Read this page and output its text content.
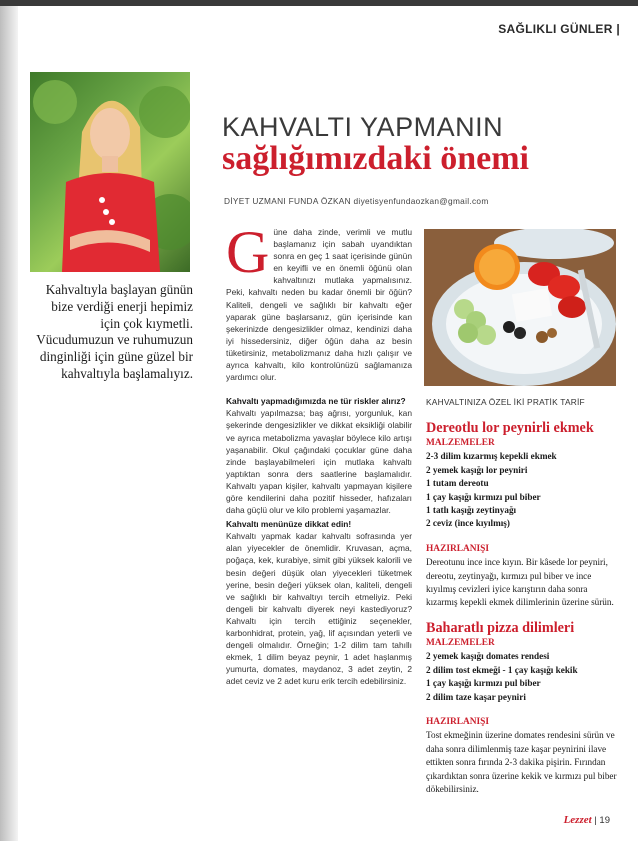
SAĞLIKLI GÜNLER |
Kahvaltıyla başlayan günün bize verdiği enerji hepimiz için çok kıymetli. Vücudumuzun ve ruhumuzun dinginliği için güne güzel bir kahvaltıyla başlamalıyız.
KAHVALTI YAPMANIN
sağlığımızdaki önemi
DİYET UZMANI FUNDA ÖZKAN diyetisyenfundaozkan@gmail.com

Güne daha zinde, verimli ve mutlu başlamanız için sabah uyandıktan sonra en geç 1 saat içerisinde günün en keyifli ve en önemli öğünü olan kahvaltınızı mutlaka yapmalısınız. Peki, kahvaltı neden bu kadar önemli bir öğün? Kaliteli, dengeli ve sağlıklı bir kahvaltı eğer yaparak güne başlarsanız, gün içerisinde kan şekerinizde dengesizlikler olmaz, kendinizi daha iyi hissedersiniz, diğer öğün daha az besin tüketirsiniz, metabolizmanız daha hızlı çalışır ve ayrıca kahvaltı, kilo kontrolünüzü sağlamanıza yardımcı olur.

Kahvaltı yapmadığımızda ne tür riskler alırız?

Kahvaltı yapılmazsa; baş ağrısı, yorgunluk, kan şekerinde dengesizlikler ve dikkat eksikliği olabilir ve ayrıca metabolizma yavaşlar böylece kilo artışı yaşanabilir. Okul çağındaki çocuklar güne daha zinde başlayabilmeleri için mutlaka kahvaltı yaptıktan sonra ders saatlerine başlamalıdır. Kahvaltı yapan kişiler, kahvaltı yapmayan kişilere göre kendilerini daha pozitif hisseder, hafızaları daha güçlü olur ve kilo problemi yaşamazlar.

Kahvaltı menünüze dikkat edin!

Kahvaltı yapmak kadar kahvaltı sofrasında yer alan yiyecekler de önemlidir. Kruvasan, açma, poğaça, kek, kurabiye, simit gibi yüksek kalorili ve besin değeri düşük olan yiyecekleri tüketmek yerine, besin değeri yüksek olan, kaliteli, dengeli ve sağlıklı bir kahvaltıyı tercih etmeliyiz. Peki dengeli bir kahvaltı diyerek neyi kastediyoruz? Kahvaltı için tercih ettiğiniz seçenekler, karbonhidrat, protein, yağ, lif açısından yeterli ve dengeli olmalıdır. Örneğin; 1-2 dilim tam tahıllı ekmek, 1 dilim beyaz peynir, 1 adet haşlanmış yumurta, domates, maydanoz, 3 adet zeytin, 2 adet ceviz ve 2 adet kuru erik tercih edebilirsiniz.

KAHVALTINIZA ÖZEL İKİ PRATİK TARİF

Dereotlu lor peynirli ekmek

MALZEMELER

2-3 dilim kızarmış kepekli ekmek

2 yemek kaşığı lor peyniri

1 tutam dereotu

1 çay kaşığı kırmızı pul biber

1 tatlı kaşığı zeytinyağı

2 ceviz (ince kıyılmış)

HAZIRLANIŞI

Dereotunu ince ince kıyın. Bir kâsede lor peyniri, dereotu, zeytinyağı, kırmızı pul biber ve ince kıyılmış cevizleri iyice karıştırın daha sonra kızarmış kepekli ekmek dilimlerinin üzerine sürün.

Baharatlı pizza dilimleri

MALZEMELER

2 yemek kaşığı domates rendesi

2 dilim tost ekmeği - 1 çay kaşığı kekik

1 çay kaşığı kırmızı pul biber

2 dilim taze kaşar peyniri

HAZIRLANIŞI

Tost ekmeğinin üzerine domates rendesini sürün ve daha sonra dilimlenmiş taze kaşar peynirini ilave ettikten sonra fırında 2-3 dakika pişirin. Fırından çıkardıktan sonra üzerine kekik ve kırmızı pul biber dökebilirsiniz.

Lezzet | 19
